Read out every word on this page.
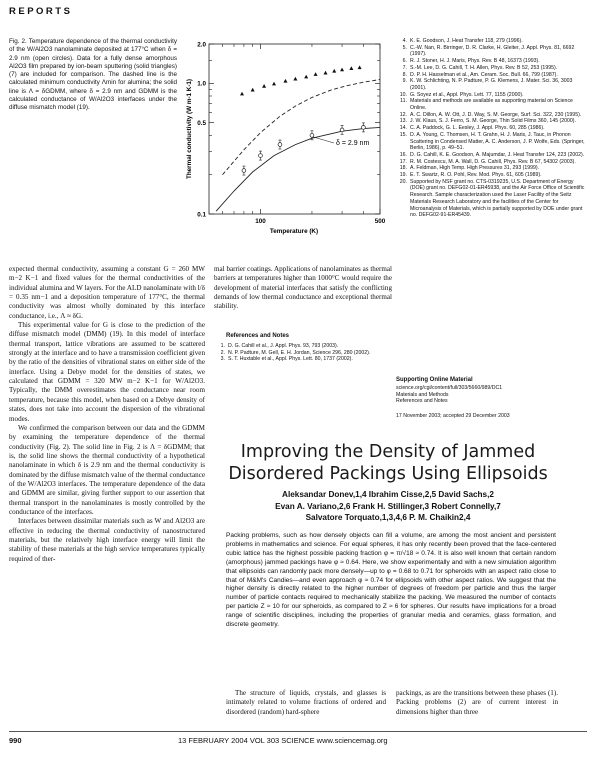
REPORTS
Fig. 2. Temperature dependence of the thermal conductivity of the W/Al2O3 nanolaminate deposited at 177°C when δ = 2.9 nm (open circles). Data for a fully dense amorphous Al2O3 film prepared by ion-beam sputtering (solid triangles) (7) are included for comparison. The dashed line is the calculated minimum conductivity Λmin for alumina; the solid line is Λ = δGDMM, where δ = 2.9 nm and GDMM is the calculated conductance of W/Al2O3 interfaces under the diffuse mismatch model (19).
0.1
0.5
1.0
2.0
100	500
Thermal conductivity (W m-1 K-1)
Temperature (K)
δ = 2.9 nm

expected thermal conductivity, assuming a constant G = 260 MW m−2 K−1 and fixed values for the thermal conductivities of the individual alumina and W layers. For the ALD nanolaminate with l/δ = 0.35 nm−1 and a deposition temperature of 177°C, the thermal conductivity was almost wholly dominated by this interface conductance, i.e., Λ ≈ δG.

This experimental value for G is close to the prediction of the diffuse mismatch model (DMM) (19). In this model of interface thermal transport, lattice vibrations are assumed to be scattered strongly at the interface and to have a transmission coefficient given by the ratio of the densities of vibrational states on either side of the interface. Using a Debye model for the densities of states, we calculated that GDMM = 320 MW m−2 K−1 for W/Al2O3. Typically, the DMM overestimates the conductance near room temperature, because this model, when based on a Debye density of states, does not take into account the dispersion of the vibrational modes.

We confirmed the comparison between our data and the GDMM by examining the temperature dependence of the thermal conductivity (Fig. 2). The solid line in Fig. 2 is Λ = δGDMM; that is, the solid line shows the thermal conductivity of a hypothetical nanolaminate in which δ is 2.9 nm and the thermal conductivity is dominated by the diffuse mismatch value of the thermal conductance of the W/Al2O3 interfaces. The temperature dependence of the data and GDMM are similar, giving further support to our assertion that thermal transport in the nanolaminates is mostly controlled by the conductance of the interfaces.

Interfaces between dissimilar materials such as W and Al2O3 are effective in reducing the thermal conductivity of nanostructured materials, but the relatively high interface energy will limit the stability of these materials at the high service temperatures typically required of ther-

mal barrier coatings. Applications of nanolaminates as thermal barriers at temperatures higher than 1000°C would require the development of material interfaces that satisfy the conflicting demands of low thermal conductance and exceptional thermal stability.

References and Notes
1. D. G. Cahill et al., J. Appl. Phys. 93, 793 (2003).
2. N. P. Padture, M. Gell, E. H. Jordan, Science 296, 280 (2002).
3. S. T. Huxtable et al., Appl. Phys. Lett. 80, 1737 (2002).
4. K. E. Goodson, J. Heat Transfer 118, 279 (1996).
5. C.-W. Nan, R. Birringer, D. R. Clarke, H. Gleiter, J. Appl. Phys. 81, 6692 (1997).
6. R. J. Stoner, H. J. Maris, Phys. Rev. B 48, 16373 (1993).
7. S.-M. Lee, D. G. Cahill, T. H. Allen, Phys. Rev. B 52, 253 (1995).
8. D. P. H. Hasselman et al., Am. Ceram. Soc. Bull. 66, 799 (1987).
9. K. W. Schlichting, N. P. Padture, P. G. Klemens, J. Mater. Sci. 36, 3003 (2001).
10. G. Soyez et al., Appl. Phys. Lett. 77, 1155 (2000).
11. Materials and methods are available as supporting material on Science Online.
12. A. C. Dillon, A. W. Ott, J. D. Way, S. M. George, Surf. Sci. 322, 230 (1995).
13. J. W. Klaus, S. J. Ferro, S. M. George, Thin Solid Films 360, 145 (2000).
14. C. A. Paddock, G. L. Eesley, J. Appl. Phys. 60, 285 (1986).
15. D. A. Young, C. Thomsen, H. T. Grahn, H. J. Maris, J. Tauc, in Phonon Scattering in Condensed Matter, A. C. Anderson, J. P. Wolfe, Eds. (Springer, Berlin, 1986), p. 49–51.
16. D. G. Cahill, K. E. Goodson, A. Majumdar, J. Heat Transfer 124, 223 (2002).
17. R. M. Costescu, M. A. Wall, D. G. Cahill, Phys. Rev. B 67, 54302 (2003).
18. A. Feldman, High Temp. High Pressures 31, 293 (1999).
19. E. T. Swartz, R. O. Pohl, Rev. Mod. Phys. 61, 605 (1989).
20. Supported by NSF grant no. CTS-0319235, U.S. Department of Energy (DOE) grant no. DEFG02-01-ER45938, and the Air Force Office of Scientific Research. Sample characterization used the Laser Facility of the Seitz Materials Research Laboratory and the facilities of the Center for Microanalysis of Materials, which is partially supported by DOE under grant no. DEFG02-91-ER45439.
Supporting Online Material
science.org/cgi/content/full/303/5660/989/DC1
Materials and Methods
References and Notes
17 November 2003; accepted 29 December 2003
Improving the Density of Jammed Disordered Packings Using Ellipsoids
Aleksandar Donev,1,4 Ibrahim Cisse,2,5 David Sachs,2
Evan A. Variano,2,6 Frank H. Stillinger,3 Robert Connelly,7
Salvatore Torquato,1,3,4,6 P. M. Chaikin2,4
Packing problems, such as how densely objects can fill a volume, are among the most ancient and persistent problems in mathematics and science. For equal spheres, it has only recently been proved that the face-centered cubic lattice has the highest possible packing fraction φ = π/√18 ≈ 0.74. It is also well known that certain random (amorphous) jammed packings have φ ≈ 0.64. Here, we show experimentally and with a new simulation algorithm that ellipsoids can randomly pack more densely—up to φ = 0.68 to 0.71 for spheroids with an aspect ratio close to that of M&M's Candies—and even approach φ ≈ 0.74 for ellipsoids with other aspect ratios. We suggest that the higher density is directly related to the higher number of degrees of freedom per particle and thus the larger number of particle contacts required to mechanically stabilize the packing. We measured the number of contacts per particle Z ≈ 10 for our spheroids, as compared to Z ≈ 6 for spheres. Our results have implications for a broad range of scientific disciplines, including the properties of granular media and ceramics, glass formation, and discrete geometry.

The structure of liquids, crystals, and glasses is intimately related to volume fractions of ordered and disordered (random) hard-sphere

packings, as are the transitions between these phases (1). Packing problems (2) are of current interest in dimensions higher than three

990	13 FEBRUARY 2004 VOL 303 SCIENCE www.sciencemag.org
